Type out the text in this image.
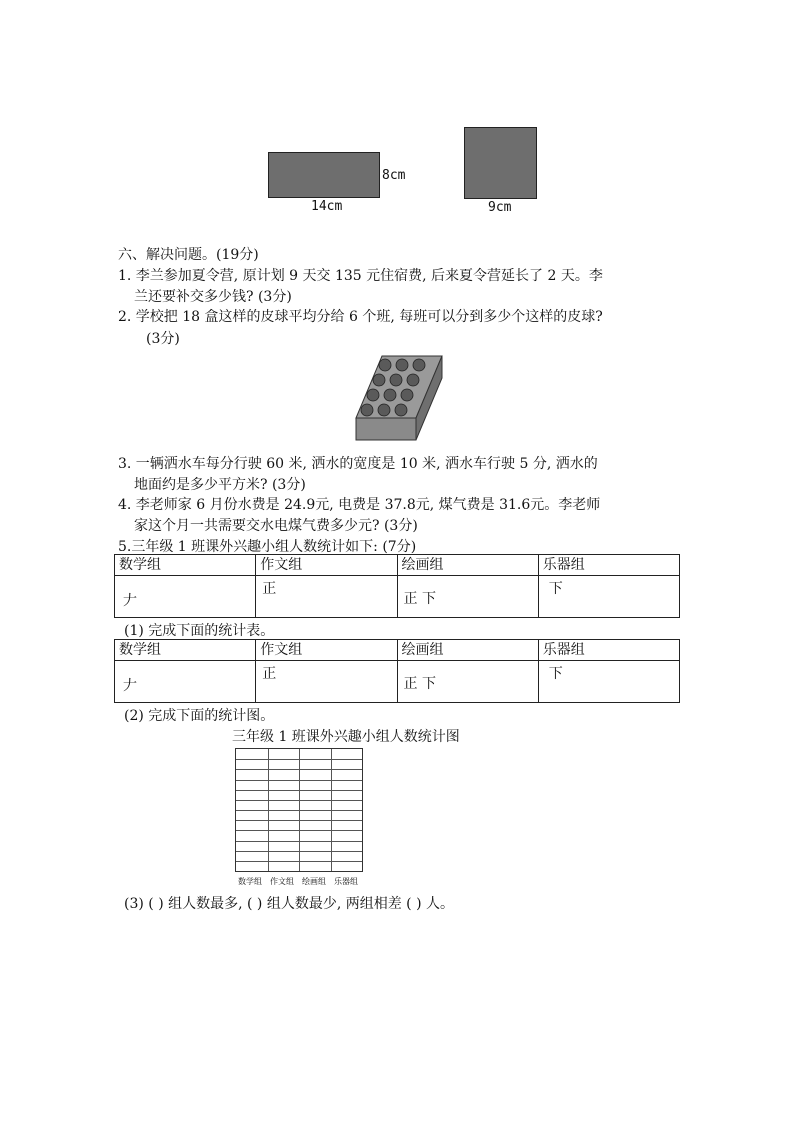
8cm
14cm	9cm
六、解决问题。(19分)
1. 李兰参加夏令营, 原计划 9 天交 135 元住宿费, 后来夏令营延长了 2 天。李
兰还要补交多少钱? (3分)
2. 学校把 18 盒这样的皮球平均分给 6 个班, 每班可以分到多少个这样的皮球?
(3分)
3. 一辆洒水车每分行驶 60 米, 洒水的宽度是 10 米, 洒水车行驶 5 分, 洒水的
地面约是多少平方米? (3分)
4. 李老师家 6 月份水费是 24.9元, 电费是 37.8元, 煤气费是 31.6元。李老师
家这个月一共需要交水电煤气费多少元? (3分)
5.三年级 1 班课外兴趣小组人数统计如下: (7分)
数学组	作文组	绘画组	乐器组

𠂇	正	正 下	下
(1) 完成下面的统计表。
数学组	作文组	绘画组	乐器组

𠂇	正	正 下	下
(2) 完成下面的统计图。
三年级 1 班课外兴趣小组人数统计图
数学组 作文组 绘画组 乐器组
(3) ( ) 组人数最多, ( ) 组人数最少, 两组相差 ( ) 人。
